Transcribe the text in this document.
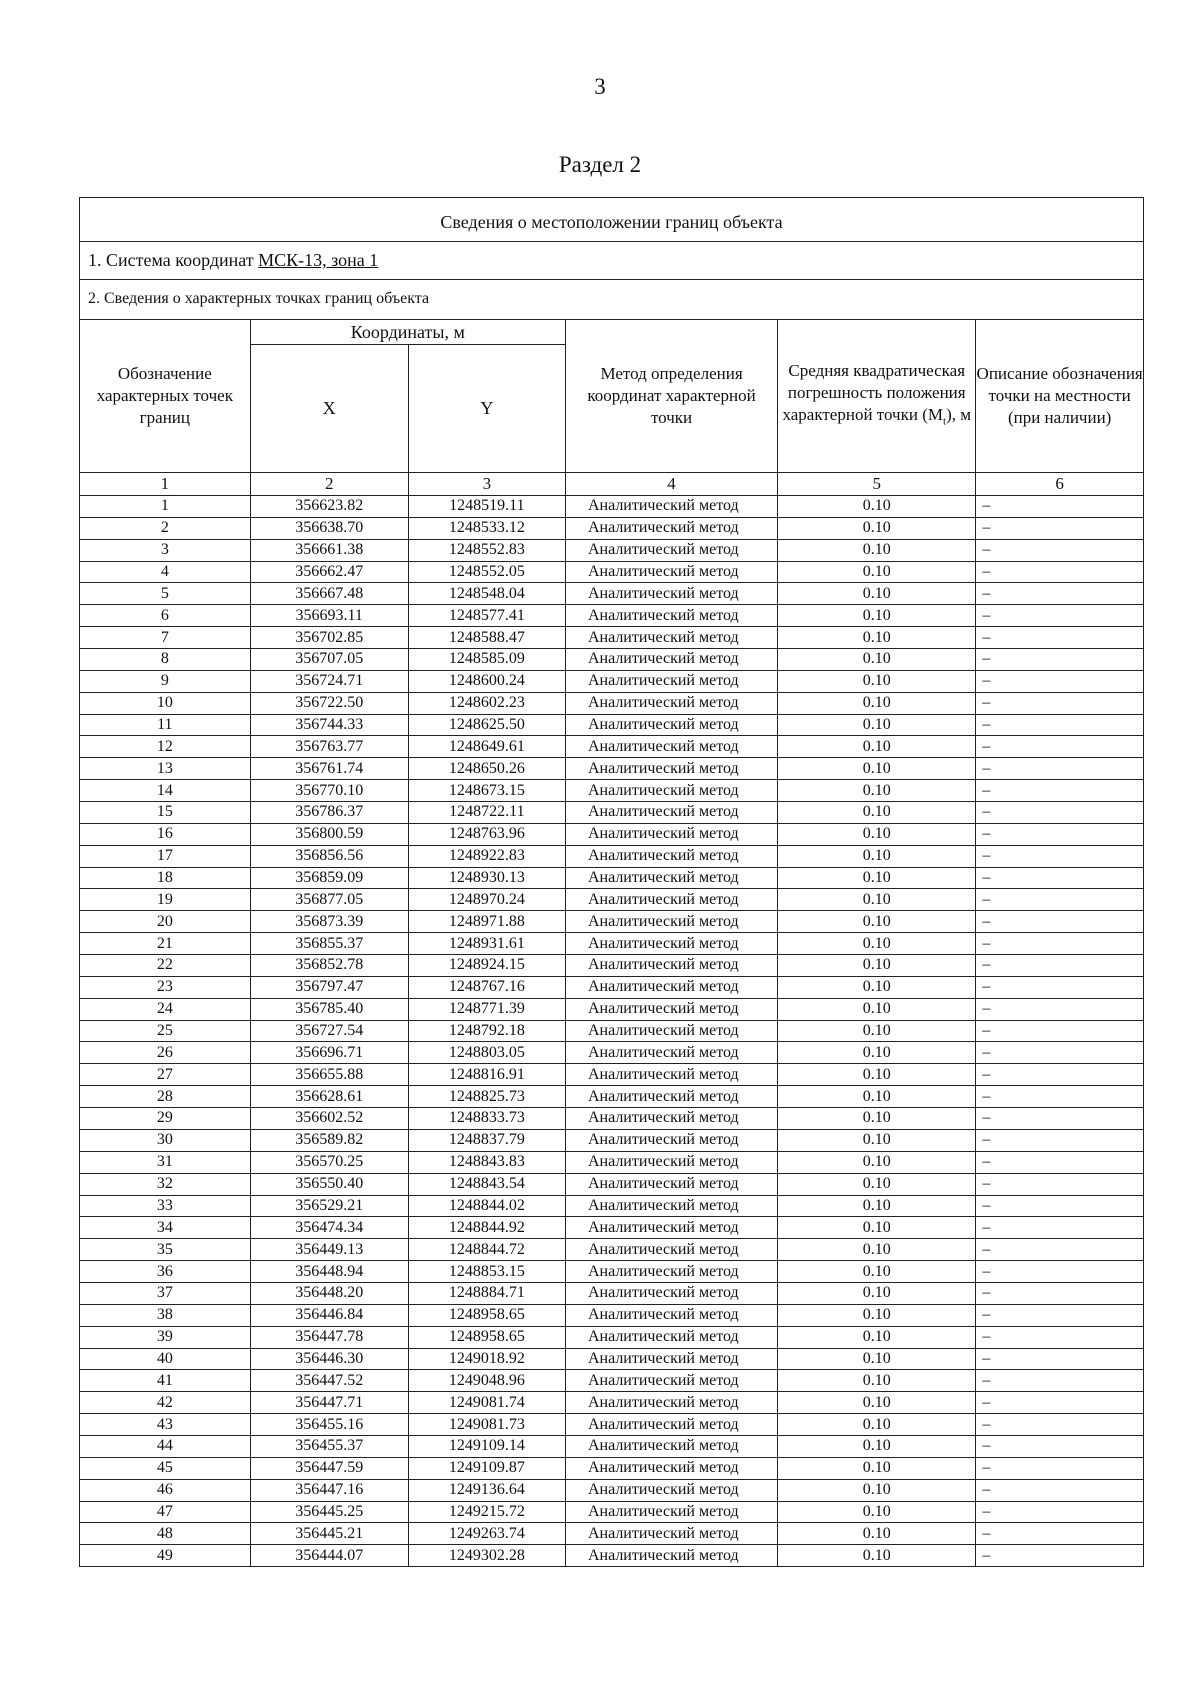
3
Раздел 2
Сведения о местоположении границ объекта
1. Система координат МСК-13, зона 1
2. Сведения о характерных точках границ объекта
Обозначение характерных точек границ	Координаты, м		Метод определения координат характерной точки	Средняя квадратическая погрешность положения характерной точки $(M_t)$, м	Описание обозначения точки на местности (при наличии)
	X	Y			
1	2	3	4	5	6
1	356623.82	1248519.11	Аналитический метод	0.10	–
2	356638.70	1248533.12	Аналитический метод	0.10	–
3	356661.38	1248552.83	Аналитический метод	0.10	–
4	356662.47	1248552.05	Аналитический метод	0.10	–
5	356667.48	1248548.04	Аналитический метод	0.10	–
6	356693.11	1248577.41	Аналитический метод	0.10	–
7	356702.85	1248588.47	Аналитический метод	0.10	–
8	356707.05	1248585.09	Аналитический метод	0.10	–
9	356724.71	1248600.24	Аналитический метод	0.10	–
10	356722.50	1248602.23	Аналитический метод	0.10	–
11	356744.33	1248625.50	Аналитический метод	0.10	–
12	356763.77	1248649.61	Аналитический метод	0.10	–
13	356761.74	1248650.26	Аналитический метод	0.10	–
14	356770.10	1248673.15	Аналитический метод	0.10	–
15	356786.37	1248722.11	Аналитический метод	0.10	–
16	356800.59	1248763.96	Аналитический метод	0.10	–
17	356856.56	1248922.83	Аналитический метод	0.10	–
18	356859.09	1248930.13	Аналитический метод	0.10	–
19	356877.05	1248970.24	Аналитический метод	0.10	–
20	356873.39	1248971.88	Аналитический метод	0.10	–
21	356855.37	1248931.61	Аналитический метод	0.10	–
22	356852.78	1248924.15	Аналитический метод	0.10	–
23	356797.47	1248767.16	Аналитический метод	0.10	–
24	356785.40	1248771.39	Аналитический метод	0.10	–
25	356727.54	1248792.18	Аналитический метод	0.10	–
26	356696.71	1248803.05	Аналитический метод	0.10	–
27	356655.88	1248816.91	Аналитический метод	0.10	–
28	356628.61	1248825.73	Аналитический метод	0.10	–
29	356602.52	1248833.73	Аналитический метод	0.10	–
30	356589.82	1248837.79	Аналитический метод	0.10	–
31	356570.25	1248843.83	Аналитический метод	0.10	–
32	356550.40	1248843.54	Аналитический метод	0.10	–
33	356529.21	1248844.02	Аналитический метод	0.10	–
34	356474.34	1248844.92	Аналитический метод	0.10	–
35	356449.13	1248844.72	Аналитический метод	0.10	–
36	356448.94	1248853.15	Аналитический метод	0.10	–
37	356448.20	1248884.71	Аналитический метод	0.10	–
38	356446.84	1248958.65	Аналитический метод	0.10	–
39	356447.78	1248958.65	Аналитический метод	0.10	–
40	356446.30	1249018.92	Аналитический метод	0.10	–
41	356447.52	1249048.96	Аналитический метод	0.10	–
42	356447.71	1249081.74	Аналитический метод	0.10	–
43	356455.16	1249081.73	Аналитический метод	0.10	–
44	356455.37	1249109.14	Аналитический метод	0.10	–
45	356447.59	1249109.87	Аналитический метод	0.10	–
46	356447.16	1249136.64	Аналитический метод	0.10	–
47	356445.25	1249215.72	Аналитический метод	0.10	–
48	356445.21	1249263.74	Аналитический метод	0.10	–
49	356444.07	1249302.28	Аналитический метод	0.10	–
